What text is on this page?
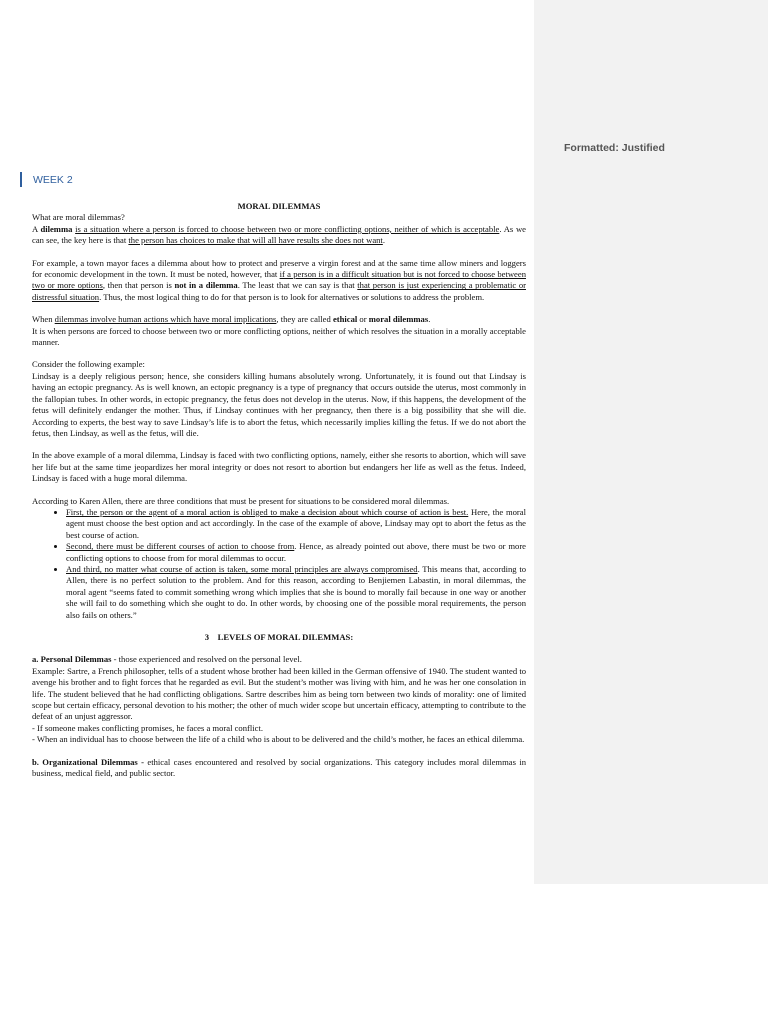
Formatted: Justified
WEEK 2

MORAL DILEMMAS

What are moral dilemmas?

A dilemma is a situation where a person is forced to choose between two or more conflicting options, neither of which is acceptable. As we can see, the key here is that the person has choices to make that will all have results she does not want.

For example, a town mayor faces a dilemma about how to protect and preserve a virgin forest and at the same time allow miners and loggers for economic development in the town. It must be noted, however, that if a person is in a difficult situation but is not forced to choose between two or more options, then that person is not in a dilemma. The least that we can say is that that person is just experiencing a problematic or distressful situation. Thus, the most logical thing to do for that person is to look for alternatives or solutions to address the problem.

When dilemmas involve human actions which have moral implications, they are called ethical or moral dilemmas.

It is when persons are forced to choose between two or more conflicting options, neither of which resolves the situation in a morally acceptable manner.

Consider the following example:

Lindsay is a deeply religious person; hence, she considers killing humans absolutely wrong. Unfortunately, it is found out that Lindsay is having an ectopic pregnancy. As is well known, an ectopic pregnancy is a type of pregnancy that occurs outside the uterus, most commonly in the fallopian tubes. In other words, in ectopic pregnancy, the fetus does not develop in the uterus. Now, if this happens, the development of the fetus will definitely endanger the mother. Thus, if Lindsay continues with her pregnancy, then there is a big possibility that she will die. According to experts, the best way to save Lindsay’s life is to abort the fetus, which necessarily implies killing the fetus. If we do not abort the fetus, then Lindsay, as well as the fetus, will die.

In the above example of a moral dilemma, Lindsay is faced with two conflicting options, namely, either she resorts to abortion, which will save her life but at the same time jeopardizes her moral integrity or does not resort to abortion but endangers her life as well as the fetus. Indeed, Lindsay is faced with a huge moral dilemma.

According to Karen Allen, there are three conditions that must be present for situations to be considered moral dilemmas.

• First, the person or the agent of a moral action is obliged to make a decision about which course of action is best. Here, the moral agent must choose the best option and act accordingly. In the case of the example of above, Lindsay may opt to abort the fetus as the best course of action.
• Second, there must be different courses of action to choose from. Hence, as already pointed out above, there must be two or more conflicting options to choose from for moral dilemmas to occur.
• And third, no matter what course of action is taken, some moral principles are always compromised. This means that, according to Allen, there is no perfect solution to the problem. And for this reason, according to Benjiemen Labastin, in moral dilemmas, the moral agent “seems fated to commit something wrong which implies that she is bound to morally fail because in one way or another she will fail to do something which she ought to do. In other words, by choosing one of the possible moral requirements, the person also fails on others.”

3    LEVELS OF MORAL DILEMMAS:

a. Personal Dilemmas - those experienced and resolved on the personal level.

Example: Sartre, a French philosopher, tells of a student whose brother had been killed in the German offensive of 1940. The student wanted to avenge his brother and to fight forces that he regarded as evil. But the student’s mother was living with him, and he was her one consolation in life. The student believed that he had conflicting obligations. Sartre describes him as being torn between two kinds of morality: one of limited scope but certain efficacy, personal devotion to his mother; the other of much wider scope but uncertain efficacy, attempting to contribute to the defeat of an unjust aggressor.

- If someone makes conflicting promises, he faces a moral conflict.

- When an individual has to choose between the life of a child who is about to be delivered and the child’s mother, he faces an ethical dilemma.

b. Organizational Dilemmas - ethical cases encountered and resolved by social organizations. This category includes moral dilemmas in business, medical field, and public sector.
